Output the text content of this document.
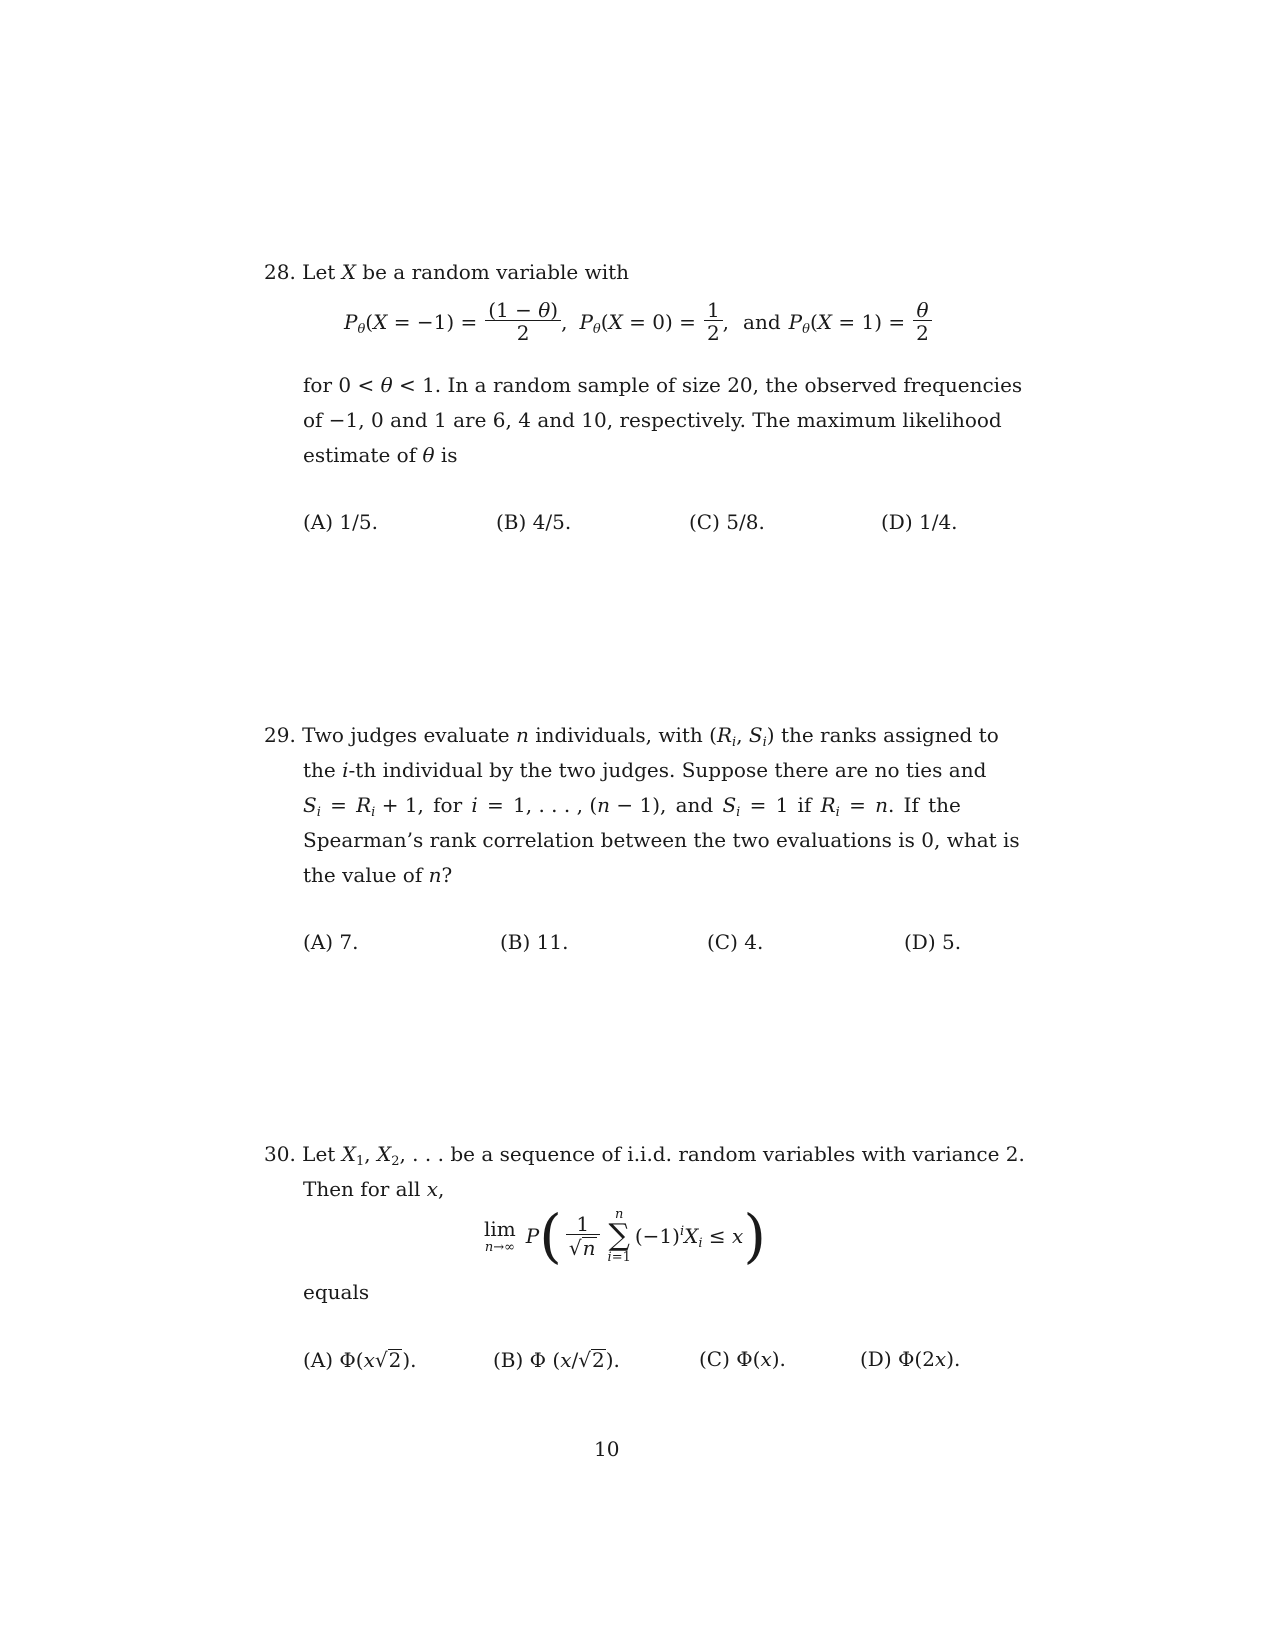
28. Let X be a random variable with
$P_\theta(X = -1) = \frac{(1 - \theta)}{2}$ , $P_\theta(X = 0) = \frac{1}{2}$ , and $P_\theta(X = 1) = \frac{\theta}{2}$
for 0 < θ < 1. In a random sample of size 20, the observed frequencies
of −1, 0 and 1 are 6, 4 and 10, respectively. The maximum likelihood
estimate of θ is
(A) 1/5.	(B) 4/5.	(C) 5/8.	(D) 1/4.
29. Two judges evaluate n individuals, with ($R_i$, $S_i$) the ranks assigned to
the i-th individual by the two judges. Suppose there are no ties and
$S_i = R_i + 1$, for i = 1, . . . , (n − 1), and $S_i = 1$ if $R_i = n$. If the
Spearman’s rank correlation between the two evaluations is 0, what is
the value of n?
(A) 7.	(B) 11.	(C) 4.	(D) 5.
30. Let $X_1$, $X_2$, . . . be a sequence of i.i.d. random variables with variance 2.
Then for all x,
lim
n→∞ P ( $\frac{1}{√n}$ n
∑
i=1
$(-1)^iX_i \le x$ )
equals
(A) Φ(x√2).	(B) Φ (x/√2).	(C) Φ(x).	(D) Φ(2x).
10
